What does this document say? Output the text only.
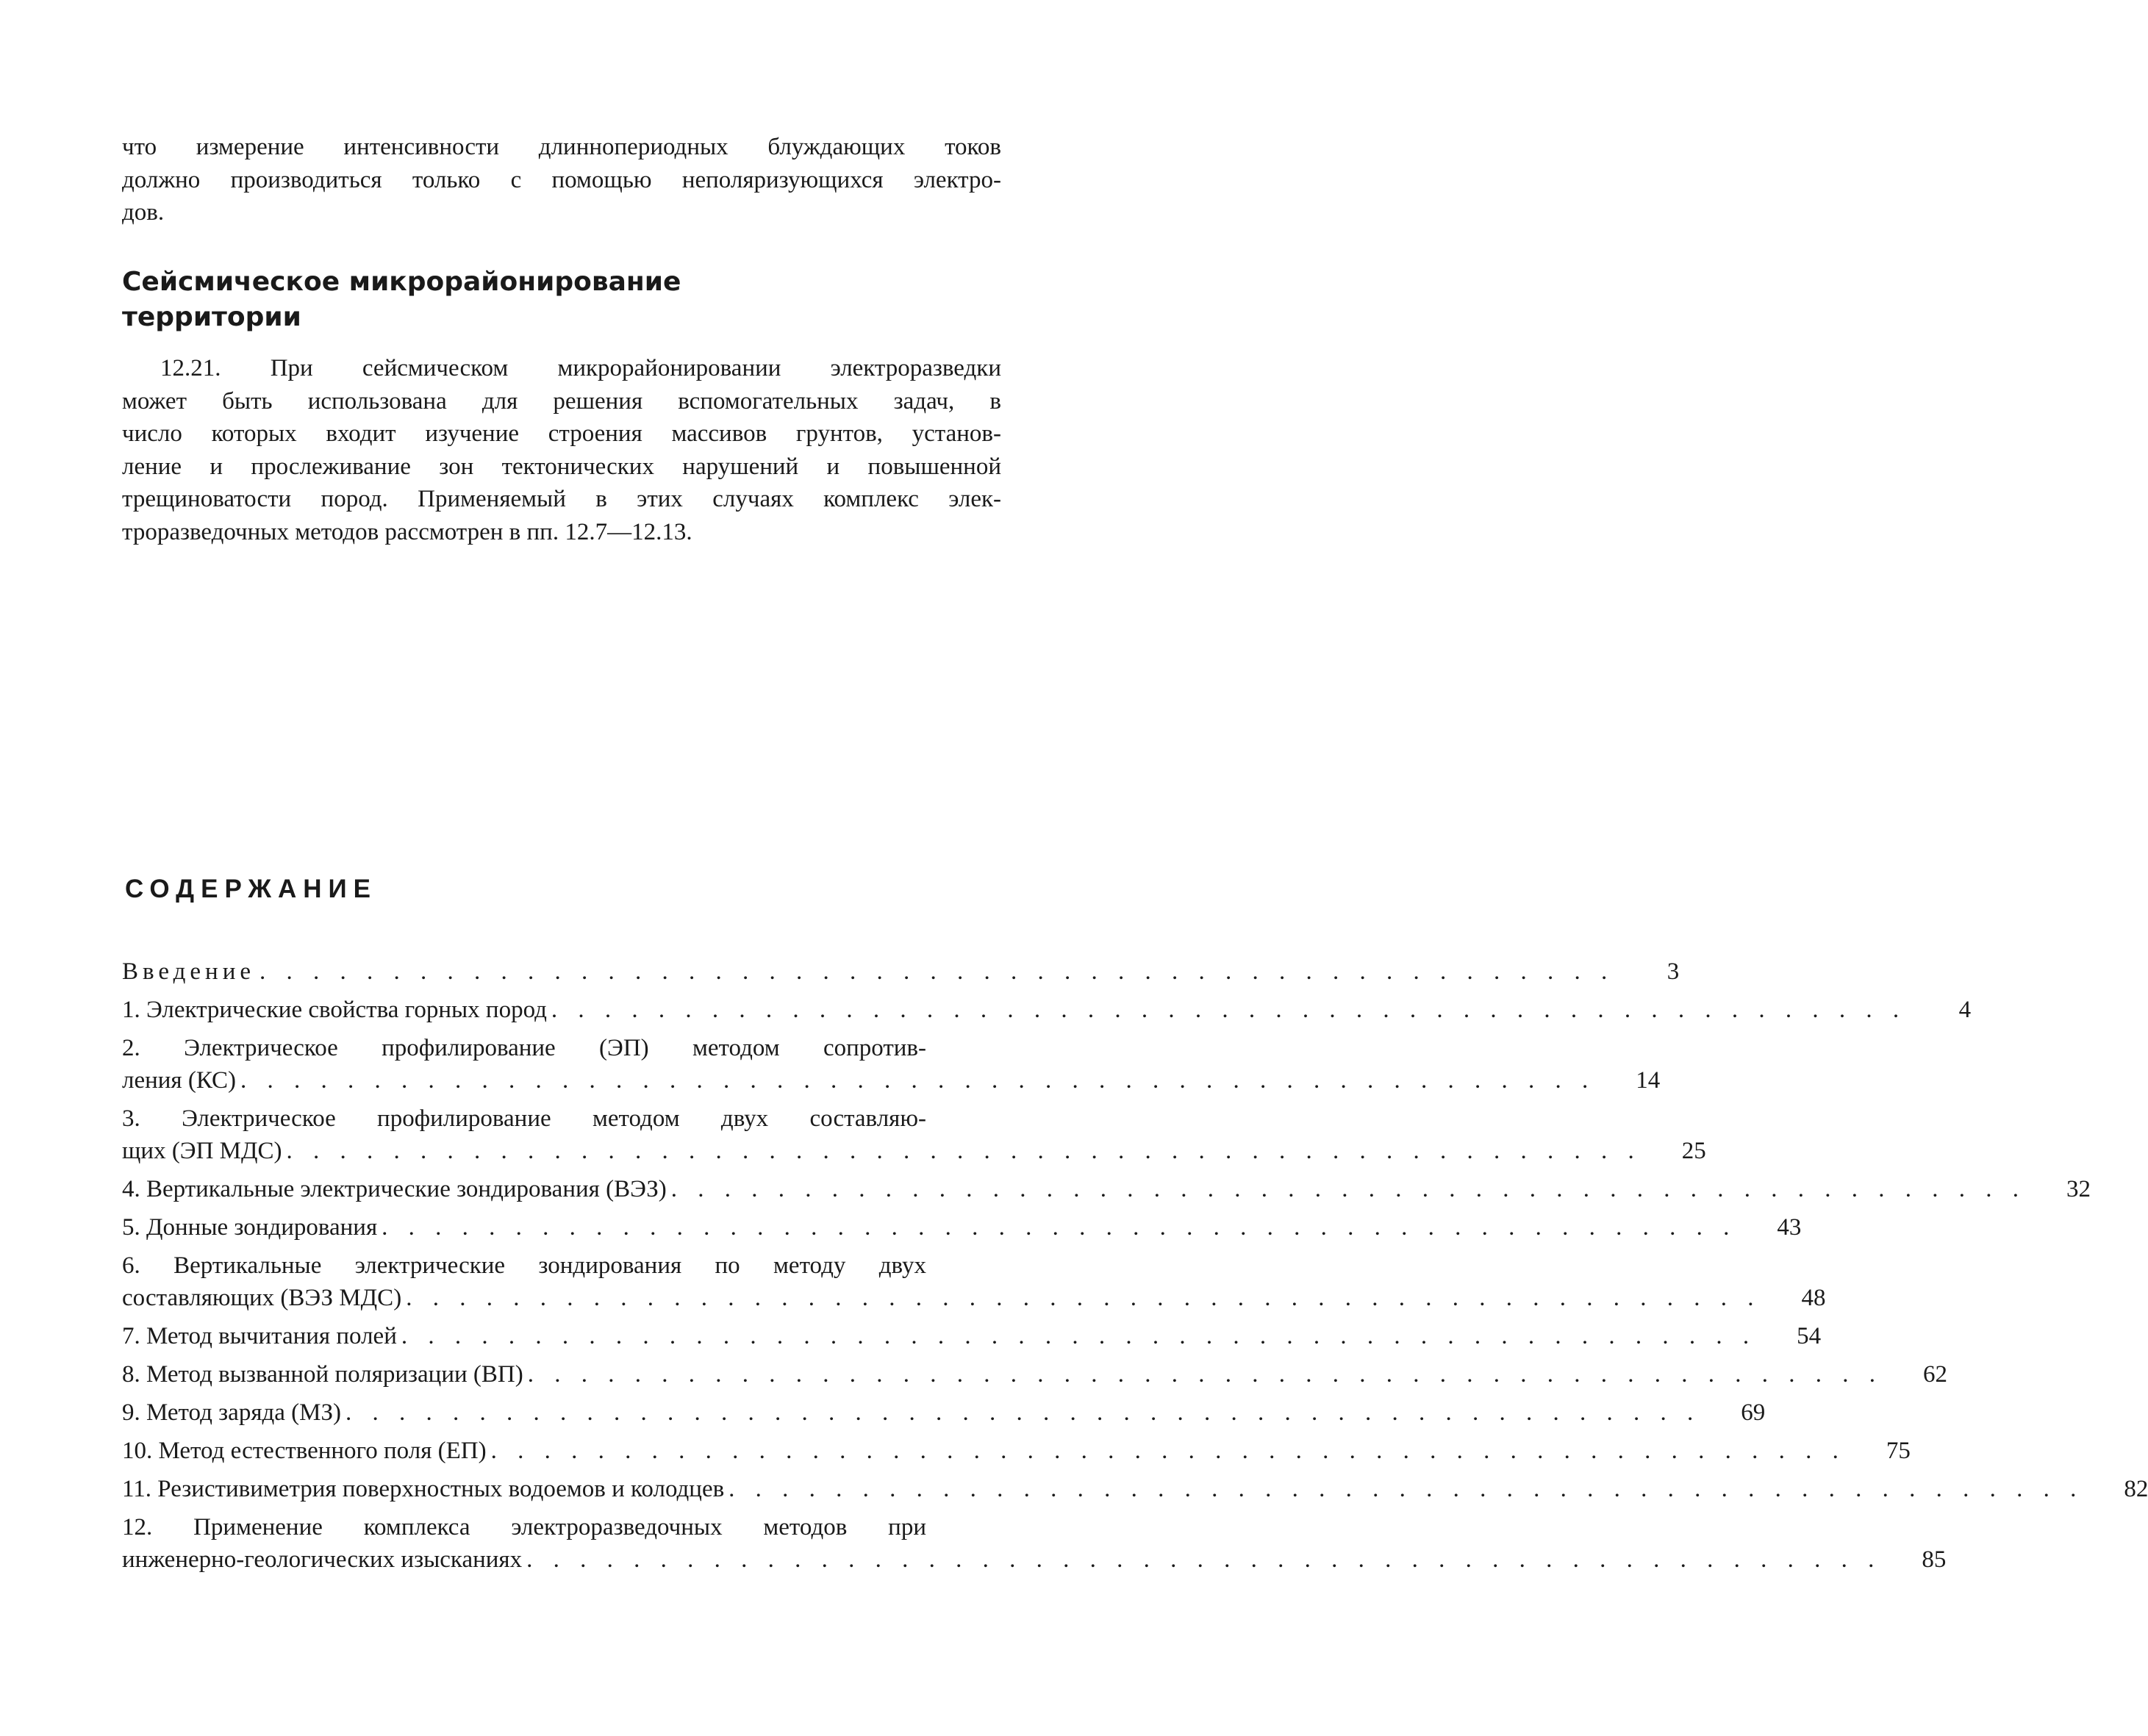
что измерение интенсивности длиннопериодных блуждающих токов
должно производиться только с помощью неполяризующихся электро-
дов.
Сейсмическое микрорайонирование
территории
12.21. При сейсмическом микрорайонировании электроразведки
может быть использована для решения вспомогательных задач, в
число которых входит изучение строения массивов грунтов, установ-
ление и прослеживание зон тектонических нарушений и повышенной
трещиноватости пород. Применяемый в этих случаях комплекс элек-
троразведочных методов рассмотрен в пп. 12.7—12.13.
СОДЕРЖАНИЕ
Введение . . . . . . . . . . . . . . . . . . . . . . . . . . . . . . . . . . . . . . . . . . . . . . . . . . .	3
1. Электрические свойства горных пород . . . . . . . . . . . . . . . . . . . . . . . . . . . . . . . . . . . . . . . . . . . . . . . . . . .	4
2. Электрическое профилирование (ЭП) методом сопротив-
ления (КС) . . . . . . . . . . . . . . . . . . . . . . . . . . . . . . . . . . . . . . . . . . . . . . . . . . .	14
3. Электрическое профилирование методом двух составляю-
щих (ЭП МДС) . . . . . . . . . . . . . . . . . . . . . . . . . . . . . . . . . . . . . . . . . . . . . . . . . . .	25
4. Вертикальные электрические зондирования (ВЭЗ) . . . . . . . . . . . . . . . . . . . . . . . . . . . . . . . . . . . . . . . . . . . . . . . . . . .	32
5. Донные зондирования . . . . . . . . . . . . . . . . . . . . . . . . . . . . . . . . . . . . . . . . . . . . . . . . . . .	43
6. Вертикальные электрические зондирования по методу двух
составляющих (ВЭЗ МДС) . . . . . . . . . . . . . . . . . . . . . . . . . . . . . . . . . . . . . . . . . . . . . . . . . . .	48
7. Метод вычитания полей . . . . . . . . . . . . . . . . . . . . . . . . . . . . . . . . . . . . . . . . . . . . . . . . . . .	54
8. Метод вызванной поляризации (ВП) . . . . . . . . . . . . . . . . . . . . . . . . . . . . . . . . . . . . . . . . . . . . . . . . . . .	62
9. Метод заряда (МЗ) . . . . . . . . . . . . . . . . . . . . . . . . . . . . . . . . . . . . . . . . . . . . . . . . . . .	69
10. Метод естественного поля (ЕП) . . . . . . . . . . . . . . . . . . . . . . . . . . . . . . . . . . . . . . . . . . . . . . . . . . .	75
11. Резистивиметрия поверхностных водоемов и колодцев . . . . . . . . . . . . . . . . . . . . . . . . . . . . . . . . . . . . . . . . . . . . . . . . . . .	82
12. Применение комплекса электроразведочных методов при
инженерно-геологических изысканиях . . . . . . . . . . . . . . . . . . . . . . . . . . . . . . . . . . . . . . . . . . . . . . . . . . .	85
